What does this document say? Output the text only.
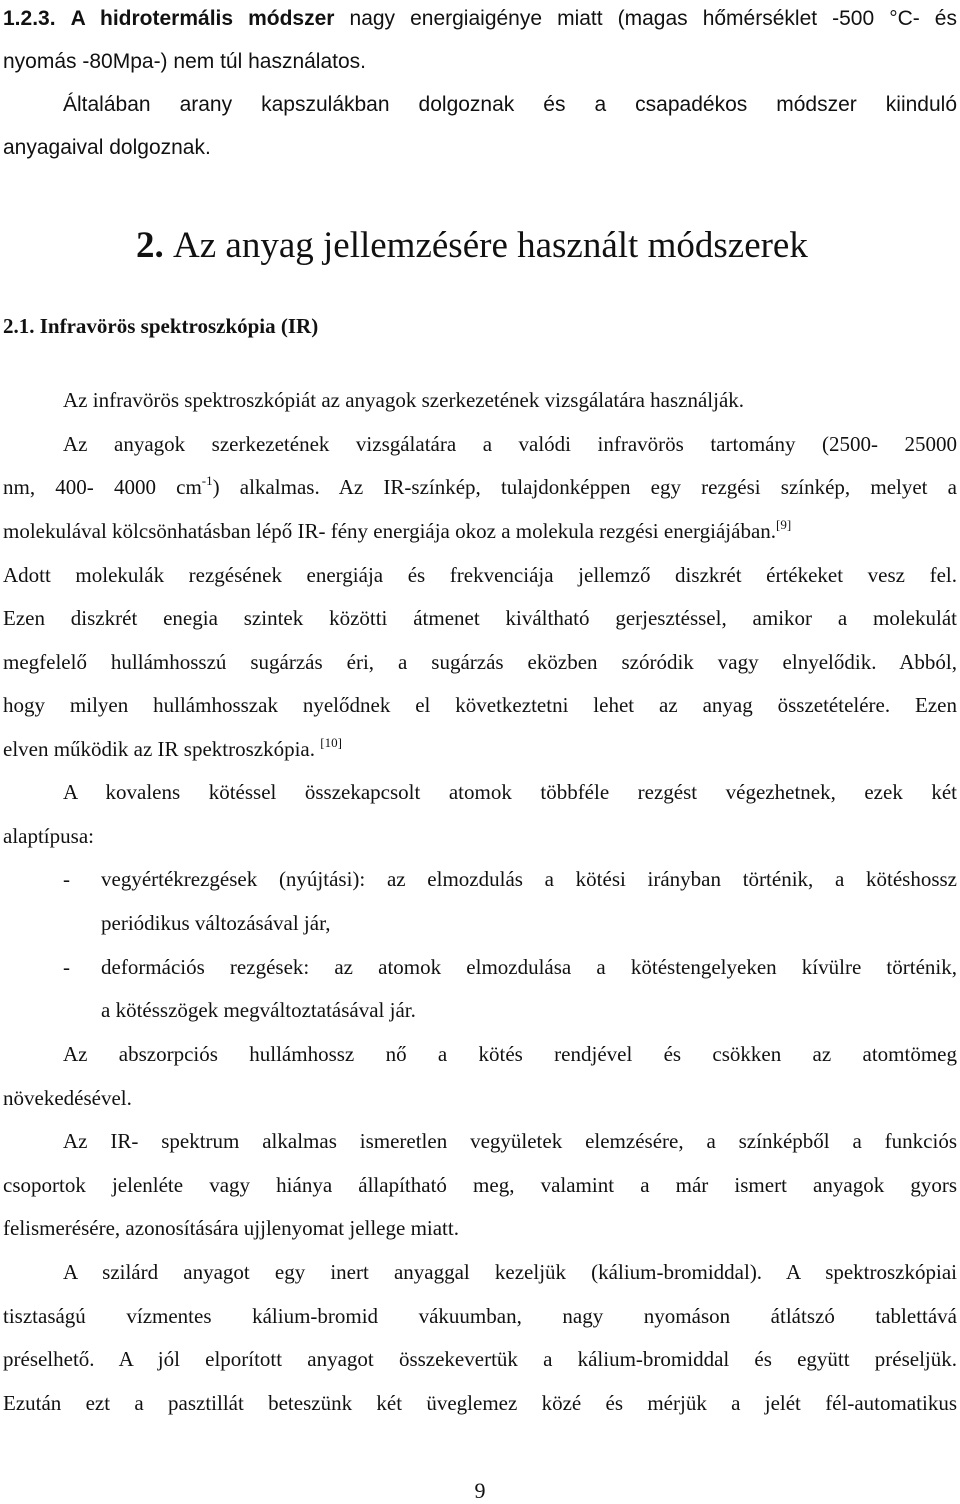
1.2.3. A hidrotermális módszer nagy energiaigénye miatt (magas hőmérséklet -500 °C- és
nyomás -80Mpa-) nem túl használatos.
Általában arany kapszulákban dolgoznak és a csapadékos módszer kiinduló
anyagaival dolgoznak.
2. Az anyag jellemzésére használt módszerek
2.1. Infravörös spektroszkópia (IR)
Az infravörös spektroszkópiát az anyagok szerkezetének vizsgálatára használják.
Az anyagok szerkezetének vizsgálatára a valódi infravörös tartomány (2500- 25000
nm, 400- 4000 $cm^{-1}$) alkalmas. Az IR-színkép, tulajdonképpen egy rezgési színkép, melyet a
molekulával kölcsönhatásban lépő IR- fény energiája okoz a molekula rezgési energiájában.[9]
Adott molekulák rezgésének energiája és frekvenciája jellemző diszkrét értékeket vesz fel.
Ezen diszkrét enegia szintek közötti átmenet kiváltható gerjesztéssel, amikor a molekulát
megfelelő hullámhosszú sugárzás éri, a sugárzás eközben szóródik vagy elnyelődik. Abból,
hogy milyen hullámhosszak nyelődnek el következtetni lehet az anyag összetételére. Ezen
elven működik az IR spektroszkópia. [10]
A kovalens kötéssel összekapcsolt atomok többféle rezgést végezhetnek, ezek két
alaptípusa:
- vegyértékrezgések (nyújtási): az elmozdulás a kötési irányban történik, a kötéshossz
periódikus változásával jár,
- deformációs rezgések: az atomok elmozdulása a kötéstengelyeken kívülre történik,
a kötésszögek megváltoztatásával jár.
Az abszorpciós hullámhossz nő a kötés rendjével és csökken az atomtömeg
növekedésével.
Az IR- spektrum alkalmas ismeretlen vegyületek elemzésére, a színképből a funkciós
csoportok jelenléte vagy hiánya állapítható meg, valamint a már ismert anyagok gyors
felismerésére, azonosítására ujjlenyomat jellege miatt.
A szilárd anyagot egy inert anyaggal kezeljük (kálium-bromiddal). A spektroszkópiai
tisztaságú vízmentes kálium-bromid vákuumban, nagy nyomáson átlátszó tablettává
préselhető. A jól elporított anyagot összekevertük a kálium-bromiddal és együtt préseljük.
Ezután ezt a pasztillát beteszünk két üveglemez közé és mérjük a jelét fél-automatikus
9
